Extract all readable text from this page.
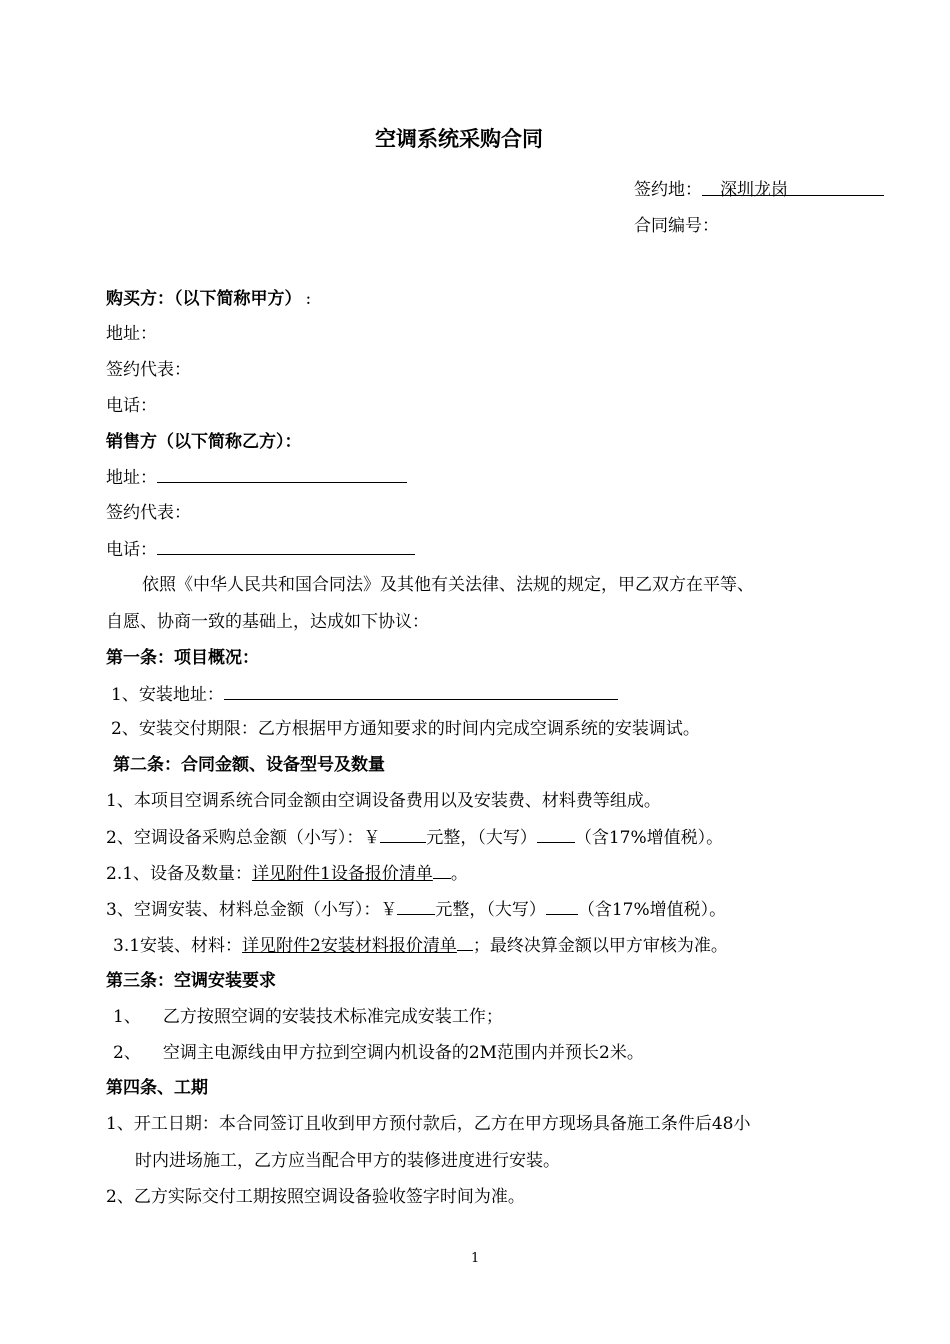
空调系统采购合同
签约地： 深圳龙岗
合同编号：
购买方：（以下简称甲方） :
地址：
签约代表：
电话：
销售方（以下简称乙方）：
地址：
签约代表：
电话：
依照《中华人民共和国合同法》及其他有关法律、法规的规定，甲乙双方在平等、
自愿、协商一致的基础上，达成如下协议：
第一条：项目概况：
1、安装地址：
2、安装交付期限：乙方根据甲方通知要求的时间内完成空调系统的安装调试。
第二条：合同金额、设备型号及数量
1、本项目空调系统合同金额由空调设备费用以及安装费、材料费等组成。
2、空调设备采购总金额（小写）：￥	元整，（大写） （含17%增值税）。
2.1、设备及数量：详见附件1设备报价清单 。
3、空调安装、材料总金额（小写）：￥ 元整，（大写） （含17%增值税）。
3.1安装、材料：详见附件2安装材料报价清单 ；最终决算金额以甲方审核为准。
第三条：空调安装要求
1、 乙方按照空调的安装技术标准完成安装工作；
2、 空调主电源线由甲方拉到空调内机设备的2M范围内并预长2米。
第四条、工期
1、开工日期：本合同签订且收到甲方预付款后，乙方在甲方现场具备施工条件后48小
时内进场施工，乙方应当配合甲方的装修进度进行安装。
2、乙方实际交付工期按照空调设备验收签字时间为准。
1
